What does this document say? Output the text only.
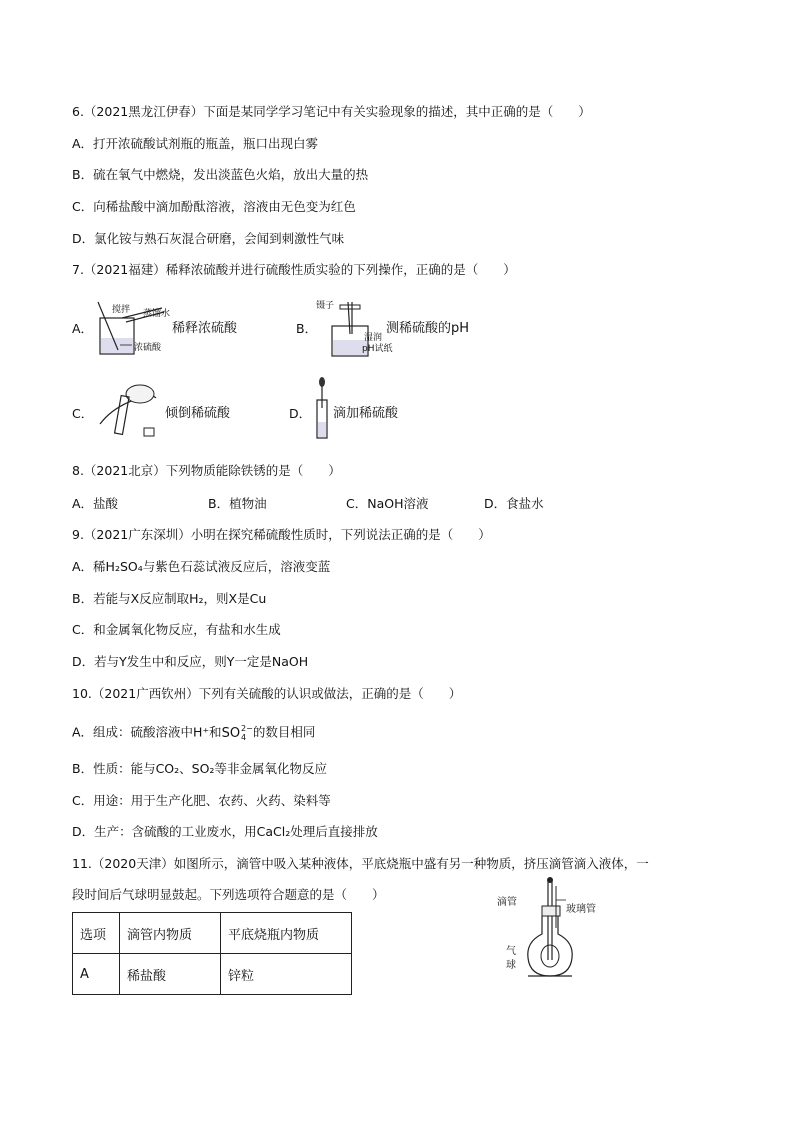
6.（2021黑龙江伊春）下面是某同学学习笔记中有关实验现象的描述，其中正确的是（　　）
A．打开浓硫酸试剂瓶的瓶盖，瓶口出现白雾
B．硫在氧气中燃烧，发出淡蓝色火焰，放出大量的热
C．向稀盐酸中滴加酚酞溶液，溶液由无色变为红色
D．氯化铵与熟石灰混合研磨，会闻到刺激性气味
7.（2021福建）稀释浓硫酸并进行硫酸性质实验的下列操作，正确的是（　　）
A．
搅拌 蒸馏水
浓硫酸
稀释浓硫酸	B．
镊子
湿润
pH试纸
测稀硫酸的pH
C．	倾倒稀硫酸	D． 滴加稀硫酸
8.（2021北京）下列物质能除铁锈的是（　　）
A．盐酸	B．植物油	C．NaOH溶液	D．食盐水
9.（2021广东深圳）小明在探究稀硫酸性质时，下列说法正确的是（　　）
A．稀H₂SO₄与紫色石蕊试液反应后，溶液变蓝
B．若能与X反应制取H₂，则X是Cu
C．和金属氧化物反应，有盐和水生成
D．若与Y发生中和反应，则Y一定是NaOH
10.（2021广西钦州）下列有关硫酸的认识或做法，正确的是（　　）
A．组成：硫酸溶液中H⁺和SO 2−
4 的数目相同
B．性质：能与CO₂、SO₂等非金属氧化物反应
C．用途：用于生产化肥、农药、火药、染料等
D．生产：含硫酸的工业废水，用CaCl₂处理后直接排放
11.（2020天津）如图所示，滴管中吸入某种液体，平底烧瓶中盛有另一种物质，挤压滴管滴入液体，一
段时间后气球明显鼓起。下列选项符合题意的是（　　）
选项	滴管内物质	平底烧瓶内物质
A	稀盐酸	锌粒
滴管
玻璃管
气
球
